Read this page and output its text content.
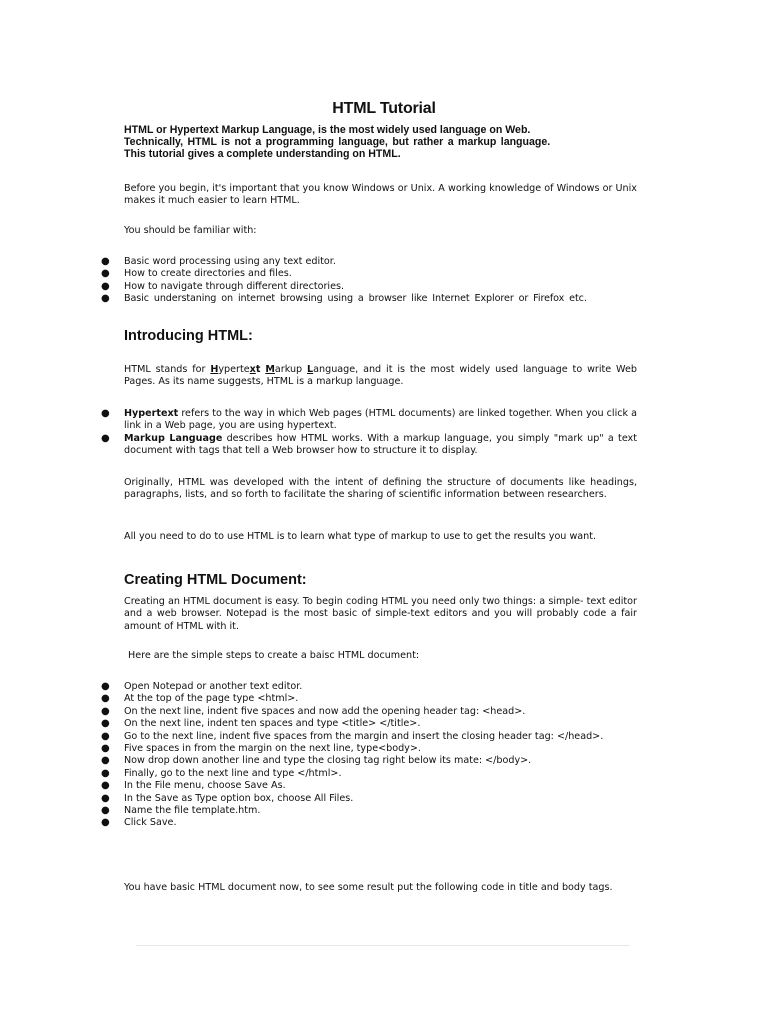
HTML Tutorial
HTML or Hypertext Markup Language, is the most widely used language on Web.
Technically, HTML is not a programming language, but rather a markup language.
This tutorial gives a complete understanding on HTML.
Before you begin, it's important that you know Windows or Unix. A working knowledge of Windows or Unix makes it much easier to learn HTML.
You should be familiar with:
● Basic word processing using any text editor.
● How to create directories and files.
● How to navigate through different directories.
● Basic understaning on internet browsing using a browser like Internet Explorer or Firefox etc.
Introducing HTML:
HTML stands for Hypertext Markup Language, and it is the most widely used language to write Web Pages. As its name suggests, HTML is a markup language.
● Hypertext refers to the way in which Web pages (HTML documents) are linked together. When you click a link in a Web page, you are using hypertext.
● Markup Language describes how HTML works. With a markup language, you simply "mark up" a text document with tags that tell a Web browser how to structure it to display.
Originally, HTML was developed with the intent of defining the structure of documents like headings, paragraphs, lists, and so forth to facilitate the sharing of scientific information between researchers.
All you need to do to use HTML is to learn what type of markup to use to get the results you want.
Creating HTML Document:
Creating an HTML document is easy. To begin coding HTML you need only two things: a simple- text editor and a web browser. Notepad is the most basic of simple-text editors and you will probably code a fair amount of HTML with it.
Here are the simple steps to create a baisc HTML document:
● Open Notepad or another text editor.
● At the top of the page type <html>.
● On the next line, indent five spaces and now add the opening header tag: <head>.
● On the next line, indent ten spaces and type <title> </title>.
● Go to the next line, indent five spaces from the margin and insert the closing header tag: </head>.
● Five spaces in from the margin on the next line, type<body>.
● Now drop down another line and type the closing tag right below its mate: </body>.
● Finally, go to the next line and type </html>.
● In the File menu, choose Save As.
● In the Save as Type option box, choose All Files.
● Name the file template.htm.
● Click Save.
You have basic HTML document now, to see some result put the following code in title and body tags.
